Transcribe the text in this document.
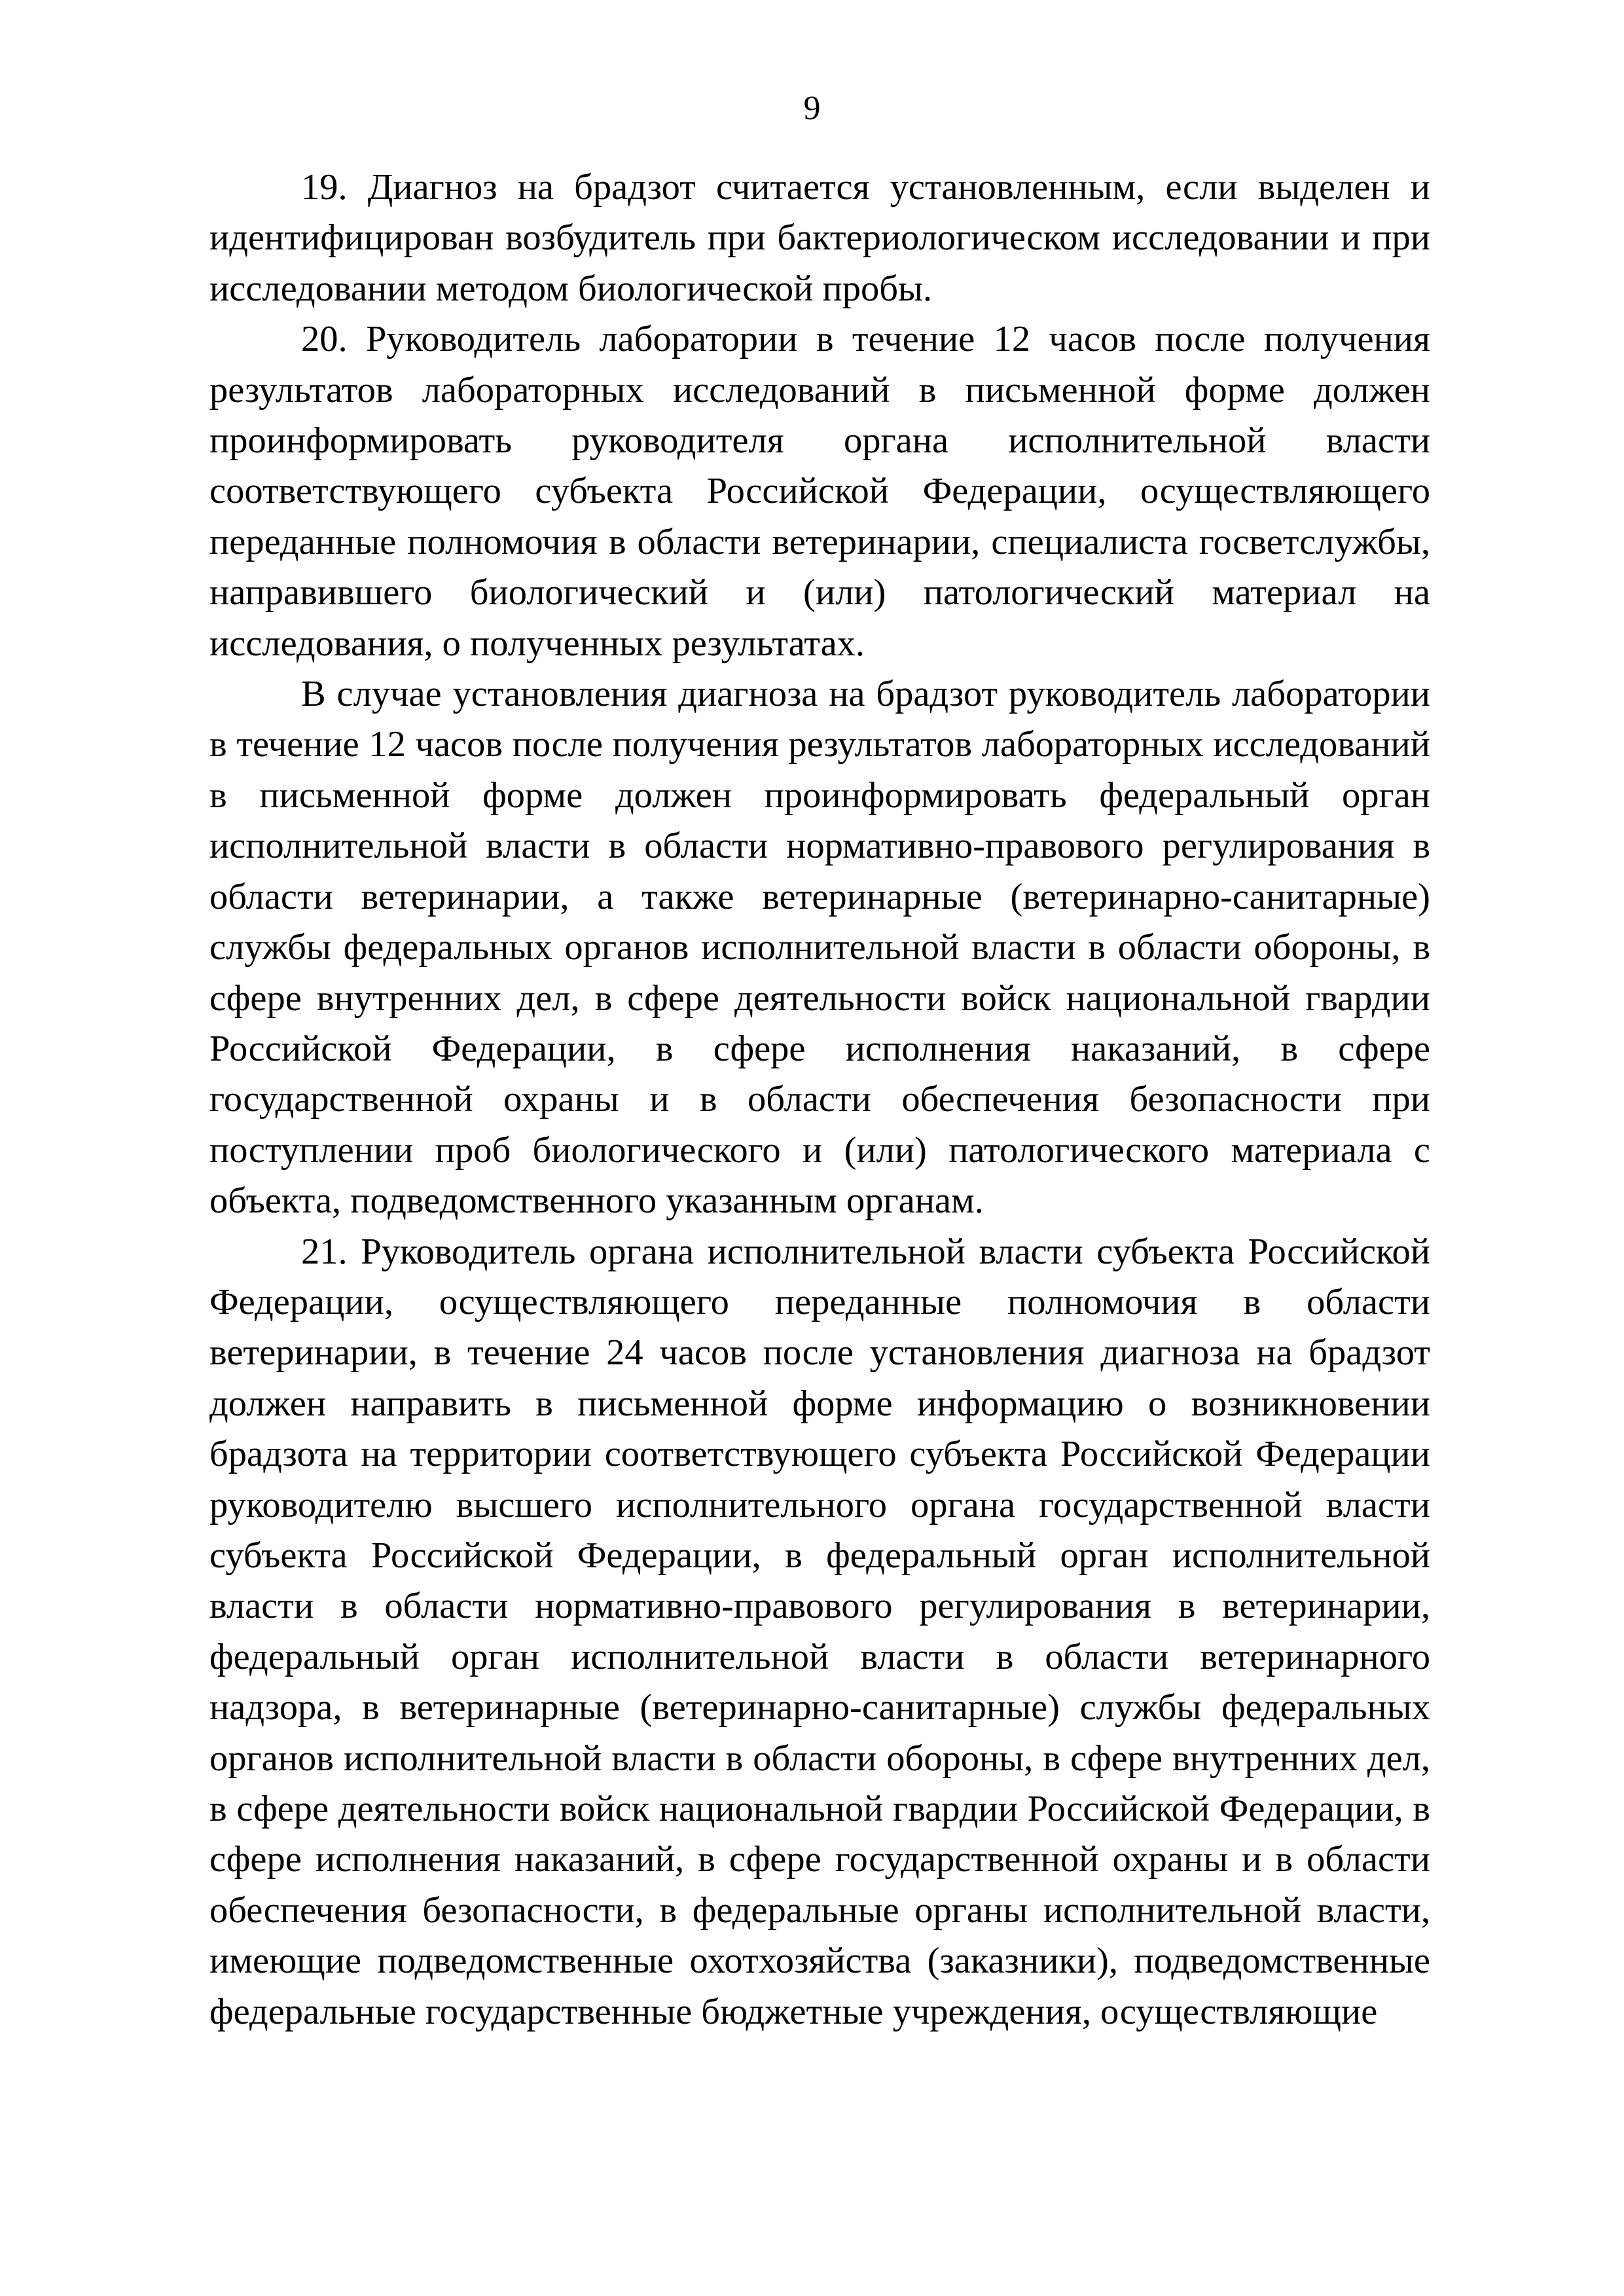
9

19. Диагноз на брадзот считается установленным, если выделен и идентифицирован возбудитель при бактериологическом исследовании и при исследовании методом биологической пробы.

20. Руководитель лаборатории в течение 12 часов после получения результатов лабораторных исследований в письменной форме должен проинформировать руководителя органа исполнительной власти соответствующего субъекта Российской Федерации, осуществляющего переданные полномочия в области ветеринарии, специалиста госветслужбы, направившего биологический и (или) патологический материал на исследования, о полученных результатах.

В случае установления диагноза на брадзот руководитель лаборатории в течение 12 часов после получения результатов лабораторных исследований в письменной форме должен проинформировать федеральный орган исполнительной власти в области нормативно-правового регулирования в области ветеринарии, а также ветеринарные (ветеринарно-санитарные) службы федеральных органов исполнительной власти в области обороны, в сфере внутренних дел, в сфере деятельности войск национальной гвардии Российской Федерации, в сфере исполнения наказаний, в сфере государственной охраны и в области обеспечения безопасности при поступлении проб биологического и (или) патологического материала с объекта, подведомственного указанным органам.

21. Руководитель органа исполнительной власти субъекта Российской Федерации, осуществляющего переданные полномочия в области ветеринарии, в течение 24 часов после установления диагноза на брадзот должен направить в письменной форме информацию о возникновении брадзота на территории соответствующего субъекта Российской Федерации руководителю высшего исполнительного органа государственной власти субъекта Российской Федерации, в федеральный орган исполнительной власти в области нормативно-правового регулирования в ветеринарии, федеральный орган исполнительной власти в области ветеринарного надзора, в ветеринарные (ветеринарно-санитарные) службы федеральных органов исполнительной власти в области обороны, в сфере внутренних дел, в сфере деятельности войск национальной гвардии Российской Федерации, в сфере исполнения наказаний, в сфере государственной охраны и в области обеспечения безопасности, в федеральные органы исполнительной власти, имеющие подведомственные охотхозяйства (заказники), подведомственные федеральные государственные бюджетные учреждения, осуществляющие
